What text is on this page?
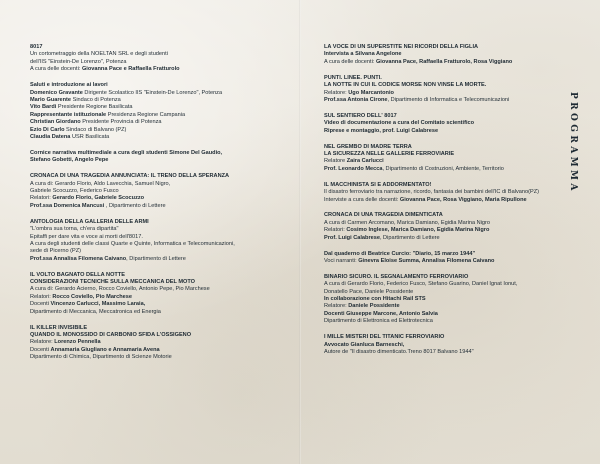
8017
Un cortometraggio della NOELTAN SRL e degli studenti
dell'IIS "Einstein-De Lorenzo", Potenza
A cura delle docenti: Giovanna Pace e Raffaella Fratturolo
Saluti e introduzione ai lavori
Domenico Gravante Dirigente Scolastico IIS "Einstein-De Lorenzo", Potenza
Mario Guarente Sindaco di Potenza
Vito Bardi Presidente Regione Basilicata
Rappresentante istituzionale Presidenza Regione Campania
Christian Giordano Presidente Provincia di Potenza
Ezio Di Carlo Sindaco di Balvano (PZ)
Claudia Datena USR Basilicata
Cornice narrativa multimediale a cura degli studenti Simone Del Gaudio,
Stefano Gobetti, Angelo Pepe
CRONACA DI UNA TRAGEDIA ANNUNCIATA: IL TRENO DELLA SPERANZA
A cura di: Gerardo Florio, Aldo Lavecchia, Samuel Nigro,
Gabriele Scocuzzo, Federico Fusco
Relatori: Gerardo Florio, Gabriele Scocuzzo
Prof.ssa Domenica Mancusi , Dipartimento di Lettere
ANTOLOGIA DELLA GALLERIA DELLE ARMI
"L'ombra sua torna, ch'era dipartita"
Epitaffi per dare vita e voce ai morti dell'8017.
A cura degli studenti delle classi Quarte e Quinte, Informatica e Telecomunicazioni,
sede di Picerno (PZ)
Prof.ssa Annalisa Filomena Caivano, Dipartimento di Lettere
IL VOLTO BAGNATO DELLA NOTTE
CONSIDERAZIONI TECNICHE SULLA MECCANICA DEL MOTO
A cura di: Gerardo Acierno, Rocco Coviello, Antonio Pepe, Pio Marchese
Relatori: Rocco Coviello, Pio Marchese
Docenti Vincenzo Carlucci, Massimo Laraia,
Dipartimento di Meccanica, Meccatronica ed Energia
IL KILLER INVISIBILE
QUANDO IL MONOSSIDO DI CARBONIO SFIDA L'OSSIGENO
Relatore: Lorenzo Pennella
Docenti Annamaria Giugliano e Annamaria Avena
Dipartimento di Chimica, Dipartimento di Scienze Motorie
LA VOCE DI UN SUPERSTITE NEI RICORDI DELLA FIGLIA
Intervista a Silvana Angelone
A cura delle docenti: Giovanna Pace, Raffaella Fratturolo, Rosa Viggiano
PUNTI. LINEE. PUNTI.
LA NOTTE IN CUI IL CODICE MORSE NON VINSE LA MORTE.
Relatore: Ugo Marcantonio
Prof.ssa Antonia Cirone, Dipartimento di Informatica e Telecomunicazioni
SUL SENTIERO DELL' 8017
Video di documentazione a cura del Comitato scientifico
Riprese e montaggio, prof. Luigi Calabrese
NEL GREMBO DI MADRE TERRA
LA SICUREZZA NELLE GALLERIE FERROVIARIE
Relatore Zaira Carlucci
Prof. Leonardo Mecca, Dipartimento di Costruzioni, Ambiente, Territorio
IL MACCHINISTA SI È ADDORMENTATO!
Il disastro ferroviario tra narrazione, ricordo, fantasia dei bambini dell'IC di Balvano(PZ)
Interviste a cura delle docenti: Giovanna Pace, Rosa Viggiano, Maria Ripullone
CRONACA DI UNA TRAGEDIA DIMENTICATA
A cura di Carmen Arcomano, Marica Damiano, Egidia Marina Nigro
Relatori: Cosimo Inglese, Marica Damiano, Egidia Marina Nigro
Prof. Luigi Calabrese, Dipartimento di Lettere
Dal quaderno di Beatrice Curcio: "Diario, 15 marzo 1944"
Voci narranti: Ginevra Eloise Summa, Annalisa Filomena Caivano
BINARIO SICURO. IL SEGNALAMENTO FERROVIARIO
A cura di Gerardo Florio, Federico Fusco, Stefano Guarino, Daniel Ignat Ionut,
Donatello Pace, Daniele Possidente
In collaborazione con Hitachi Rail STS
Relatore: Daniele Possidente
Docenti Giuseppe Marcone, Antonio Salvia
Dipartimento di Elettronica ed Elettrotecnica
I MILLE MISTERI DEL TITANIC FERROVIARIO
Avvocato Gianluca Barneschi,
Autore de "Il disastro dimenticato.Treno 8017 Balvano 1944"
PROGRAMMA
